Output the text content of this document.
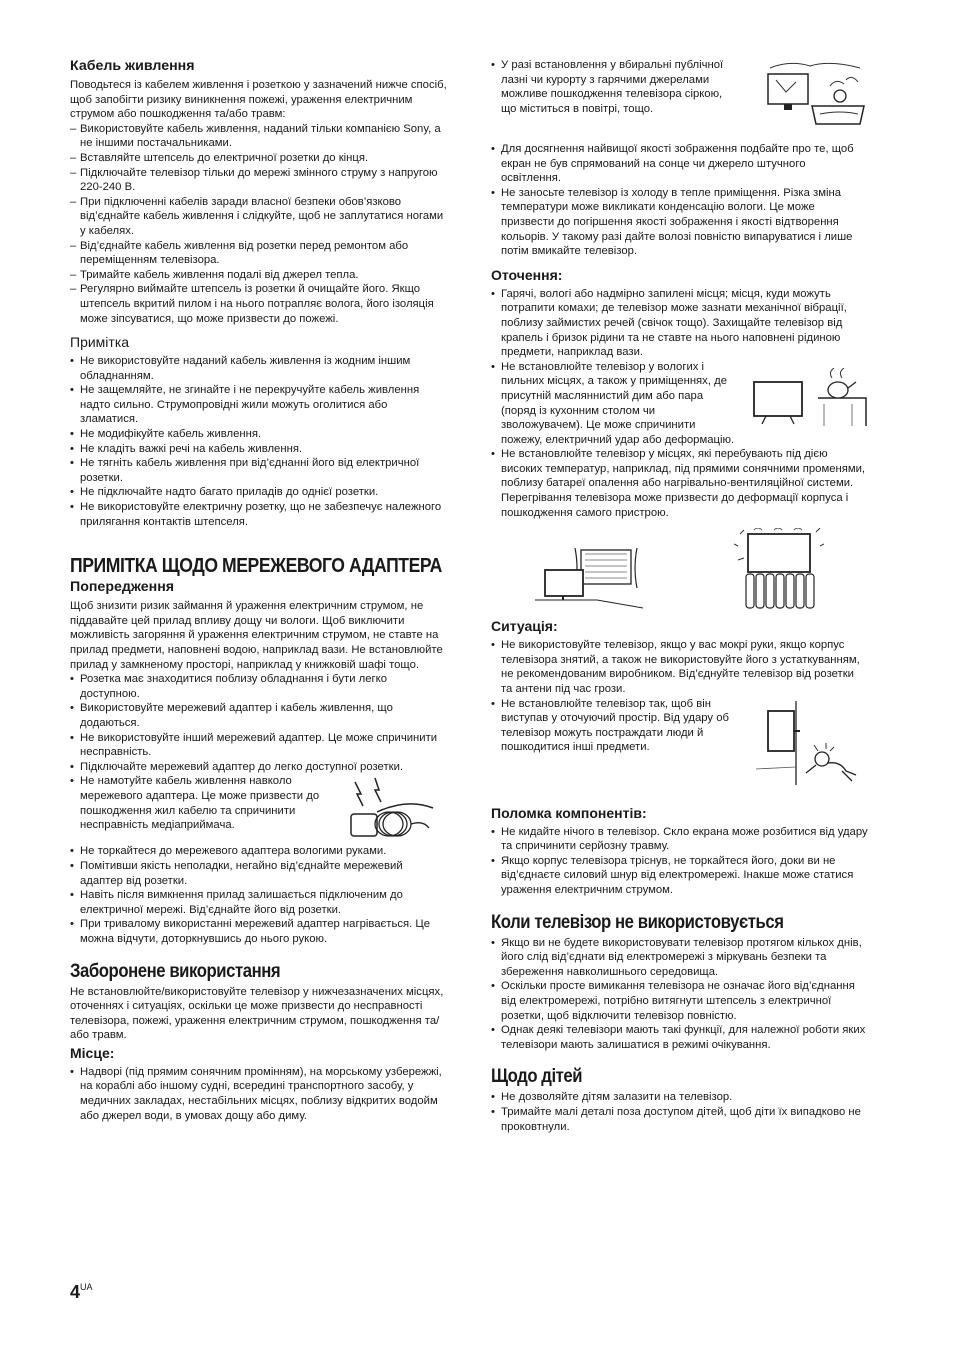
Кабель живлення

Поводьтеся із кабелем живлення і розеткою у зазначений нижче спосіб, щоб запобігти ризику виникнення пожежі, ураження електричним струмом або пошкодження та/або травм:

– Використовуйте кабель живлення, наданий тільки компанією Sony, а не іншими постачальниками.
– Вставляйте штепсель до електричної розетки до кінця.
– Підключайте телевізор тільки до мережі змінного струму з напругою 220-240 В.
– При підключенні кабелів заради власної безпеки обов’язково від’єднайте кабель живлення і слідкуйте, щоб не заплутатися ногами у кабелях.
– Від’єднайте кабель живлення від розетки перед ремонтом або переміщенням телевізора.
– Тримайте кабель живлення подалі від джерел тепла.
– Регулярно виймайте штепсель із розетки й очищайте його. Якщо штепсель вкритий пилом і на нього потрапляє волога, його ізоляція може зіпсуватися, що може призвести до пожежі.
Примітка
• Не використовуйте наданий кабель живлення із жодним іншим обладнанням.
• Не защемляйте, не згинайте і не перекручуйте кабель живлення надто сильно. Струмопровідні жили можуть оголитися або зламатися.
• Не модифікуйте кабель живлення.
• Не кладіть важкі речі на кабель живлення.
• Не тягніть кабель живлення при від’єднанні його від електричної розетки.
• Не підключайте надто багато приладів до однієї розетки.
• Не використовуйте електричну розетку, що не забезпечує належного прилягання контактів штепселя.
ПРИМІТКА ЩОДО МЕРЕЖЕВОГО АДАПТЕРА
Попередження

Щоб знизити ризик займання й ураження електричним струмом, не піддавайте цей прилад впливу дощу чи вологи. Щоб виключити можливість загоряння й ураження електричним струмом, не ставте на прилад предмети, наповнені водою, наприклад вази. Не встановлюйте прилад у замкненому просторі, наприклад у книжковій шафі тощо.

• Розетка має знаходитися поблизу обладнання і бути легко доступною.
• Використовуйте мережевий адаптер і кабель живлення, що додаються.
• Не використовуйте інший мережевий адаптер. Це може спричинити несправність.
• Підключайте мережевий адаптер до легко доступної розетки.
• Не намотуйте кабель живлення навколо мережевого адаптера. Це може призвести до пошкодження жил кабелю та спричинити несправність медіаприймача.
• Не торкайтеся до мережевого адаптера вологими руками.
• Помітивши якість неполадки, негайно від’єднайте мережевий адаптер від розетки.
• Навіть після вимкнення прилад залишається підключеним до електричної мережі. Від’єднайте його від розетки.
• При тривалому використанні мережевий адаптер нагрівається. Це можна відчути, доторкнувшись до нього рукою.
Заборонене використання

Не встановлюйте/використовуйте телевізор у нижчезазначених місцях, оточеннях і ситуаціях, оскільки це може призвести до несправності телевізора, пожежі, ураження електричним струмом, пошкодження та/або травм.

Місце:
• Надворі (під прямим сонячним промінням), на морському узбережжі, на кораблі або іншому судні, всередині транспортного засобу, у медичних закладах, нестабільних місцях, поблизу відкритих водойм або джерел води, в умовах дощу або диму.
• У разі встановлення у вбиральні публічної лазні чи курорту з гарячими джерелами можливе пошкодження телевізора сіркою, що міститься в повітрі, тощо.
• Для досягнення найвищої якості зображення подбайте про те, щоб екран не був спрямований на сонце чи джерело штучного освітлення.
• Не заносьте телевізор із холоду в тепле приміщення. Різка зміна температури може викликати конденсацію вологи. Це може призвести до погіршення якості зображення і якості відтворення кольорів. У такому разі дайте волозі повністю випаруватися і лише потім вмикайте телевізор.
Оточення:
• Гарячі, вологі або надмірно запилені місця; місця, куди можуть потрапити комахи; де телевізор може зазнати механічної вібрації, поблизу займистих речей (свічок тощо). Захищайте телевізор від крапель і бризок рідини та не ставте на нього наповнені рідиною предмети, наприклад вази.
• Не встановлюйте телевізор у вологих і пильних місцях, а також у приміщеннях, де присутній масляннистий дим або пара (поряд із кухонним столом чи зволожувачем). Це може спричинити пожежу, електричний удар або деформацію.
• Не встановлюйте телевізор у місцях, які перебувають під дією високих температур, наприклад, під прямими сонячними променями, поблизу батареї опалення або нагрівально-вентиляційної системи. Перегрівання телевізора може призвести до деформації корпуса і пошкодження самого пристрою.
Ситуація:
• Не використовуйте телевізор, якщо у вас мокрі руки, якщо корпус телевізора знятий, а також не використовуйте його з устаткуванням, не рекомендованим виробником. Від’єднуйте телевізор від розетки та антени під час грози.
• Не встановлюйте телевізор так, щоб він виступав у оточуючий простір. Від удару об телевізор можуть постраждати люди й пошкодитися інші предмети.
Поломка компонентів:
• Не кидайте нічого в телевізор. Скло екрана може розбитися від удару та спричинити серйозну травму.
• Якщо корпус телевізора тріснув, не торкайтеся його, доки ви не від’єднаєте силовий шнур від електромережі. Інакше може статися ураження електричним струмом.
Коли телевізор не використовується
• Якщо ви не будете використовувати телевізор протягом кількох днів, його слід від’єднати від електромережі з міркувань безпеки та збереження навколишнього середовища.
• Оскільки просте вимикання телевізора не означає його від’єднання від електромережі, потрібно витягнути штепсель з електричної розетки, щоб відключити телевізор повністю.
• Однак деякі телевізори мають такі функції, для належної роботи яких телевізори мають залишатися в режимі очікування.
Щодо дітей
• Не дозволяйте дітям залазити на телевізор.
• Тримайте малі деталі поза доступом дітей, щоб діти їх випадково не проковтнули.
$4^{UA}$
